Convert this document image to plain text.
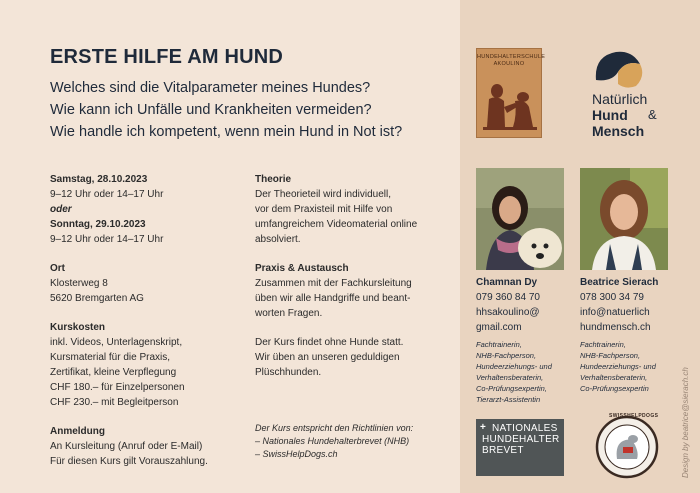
ERSTE HILFE AM HUND
Welches sind die Vitalparameter meines Hundes?
Wie kann ich Unfälle und Krankheiten vermeiden?
Wie handle ich kompetent, wenn mein Hund in Not ist?
Samstag, 28.10.2023
9–12 Uhr oder 14–17 Uhr
oder
Sonntag, 29.10.2023
9–12 Uhr oder 14–17 Uhr
Ort
Klosterweg 8
5620 Bremgarten AG
Kurskosten
inkl. Videos, Unterlagenskript,
Kursmaterial für die Praxis,
Zertifikat, kleine Verpflegung
CHF 180.– für Einzelpersonen
CHF 230.– mit Begleitperson
Anmeldung
An Kursleitung (Anruf oder E-Mail)
Für diesen Kurs gilt Vorauszahlung.
Theorie
Der Theorieteil wird individuell,
vor dem Praxisteil mit Hilfe von
umfangreichem Videomaterial online
absolviert.
Praxis & Austausch
Zusammen mit der Fachkursleitung
üben wir alle Handgriffe und beant-
worten Fragen.
Der Kurs findet ohne Hunde statt.
Wir üben an unseren geduldigen
Plüschhunden.
Der Kurs entspricht den Richtlinien von:
– Nationales Hundehalterbrevet (NHB)
– SwissHelpDogs.ch
HUNDEHALTERSCHULE AKOULINO
Natürlich
Hund &
Mensch
Chamnan Dy
079 360 84 70
hhsakoulino@
gmail.com
Fachtrainerin,
NHB-Fachperson,
Hundeerziehungs- und
Verhaltensberaterin,
Co-Prüfungsexpertin,
Tierarzt-Assistentin
Beatrice Sierach
078 300 34 79
info@natuerlich
hundmensch.ch
Fachtrainerin,
NHB-Fachperson,
Hundeerziehungs- und
Verhaltensberaterin,
Co-Prüfungsexpertin
+ NATIONALES
HUNDEHALTER
BREVET
SWISSHELPDOGS	Design by beatrice@sierach.ch
